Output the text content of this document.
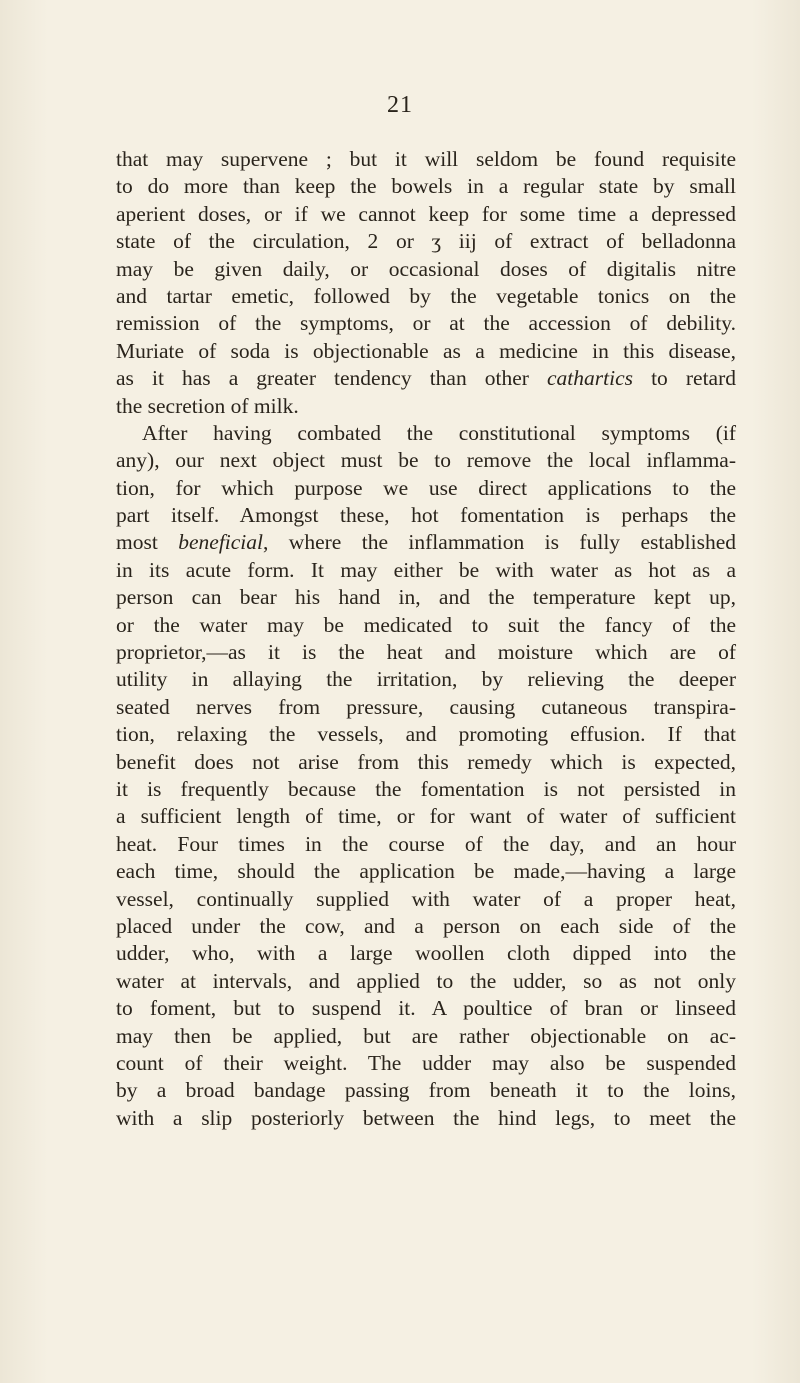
21
that may supervene ; but it will seldom be found requisite
to do more than keep the bowels in a regular state by small
aperient doses, or if we cannot keep for some time a depressed
state of the circulation, 2 or ʒ iij of extract of belladonna
may be given daily, or occasional doses of digitalis nitre
and tartar emetic, followed by the vegetable tonics on the
remission of the symptoms, or at the accession of debility.
Muriate of soda is objectionable as a medicine in this disease,
as it has a greater tendency than other cathartics to retard
the secretion of milk.
After having combated the constitutional symptoms (if
any), our next object must be to remove the local inflamma-
tion, for which purpose we use direct applications to the
part itself. Amongst these, hot fomentation is perhaps the
most beneficial, where the inflammation is fully established
in its acute form. It may either be with water as hot as a
person can bear his hand in, and the temperature kept up,
or the water may be medicated to suit the fancy of the
proprietor,—as it is the heat and moisture which are of
utility in allaying the irritation, by relieving the deeper
seated nerves from pressure, causing cutaneous transpira-
tion, relaxing the vessels, and promoting effusion. If that
benefit does not arise from this remedy which is expected,
it is frequently because the fomentation is not persisted in
a sufficient length of time, or for want of water of sufficient
heat. Four times in the course of the day, and an hour
each time, should the application be made,—having a large
vessel, continually supplied with water of a proper heat,
placed under the cow, and a person on each side of the
udder, who, with a large woollen cloth dipped into the
water at intervals, and applied to the udder, so as not only
to foment, but to suspend it. A poultice of bran or linseed
may then be applied, but are rather objectionable on ac-
count of their weight. The udder may also be suspended
by a broad bandage passing from beneath it to the loins,
with a slip posteriorly between the hind legs, to meet the
